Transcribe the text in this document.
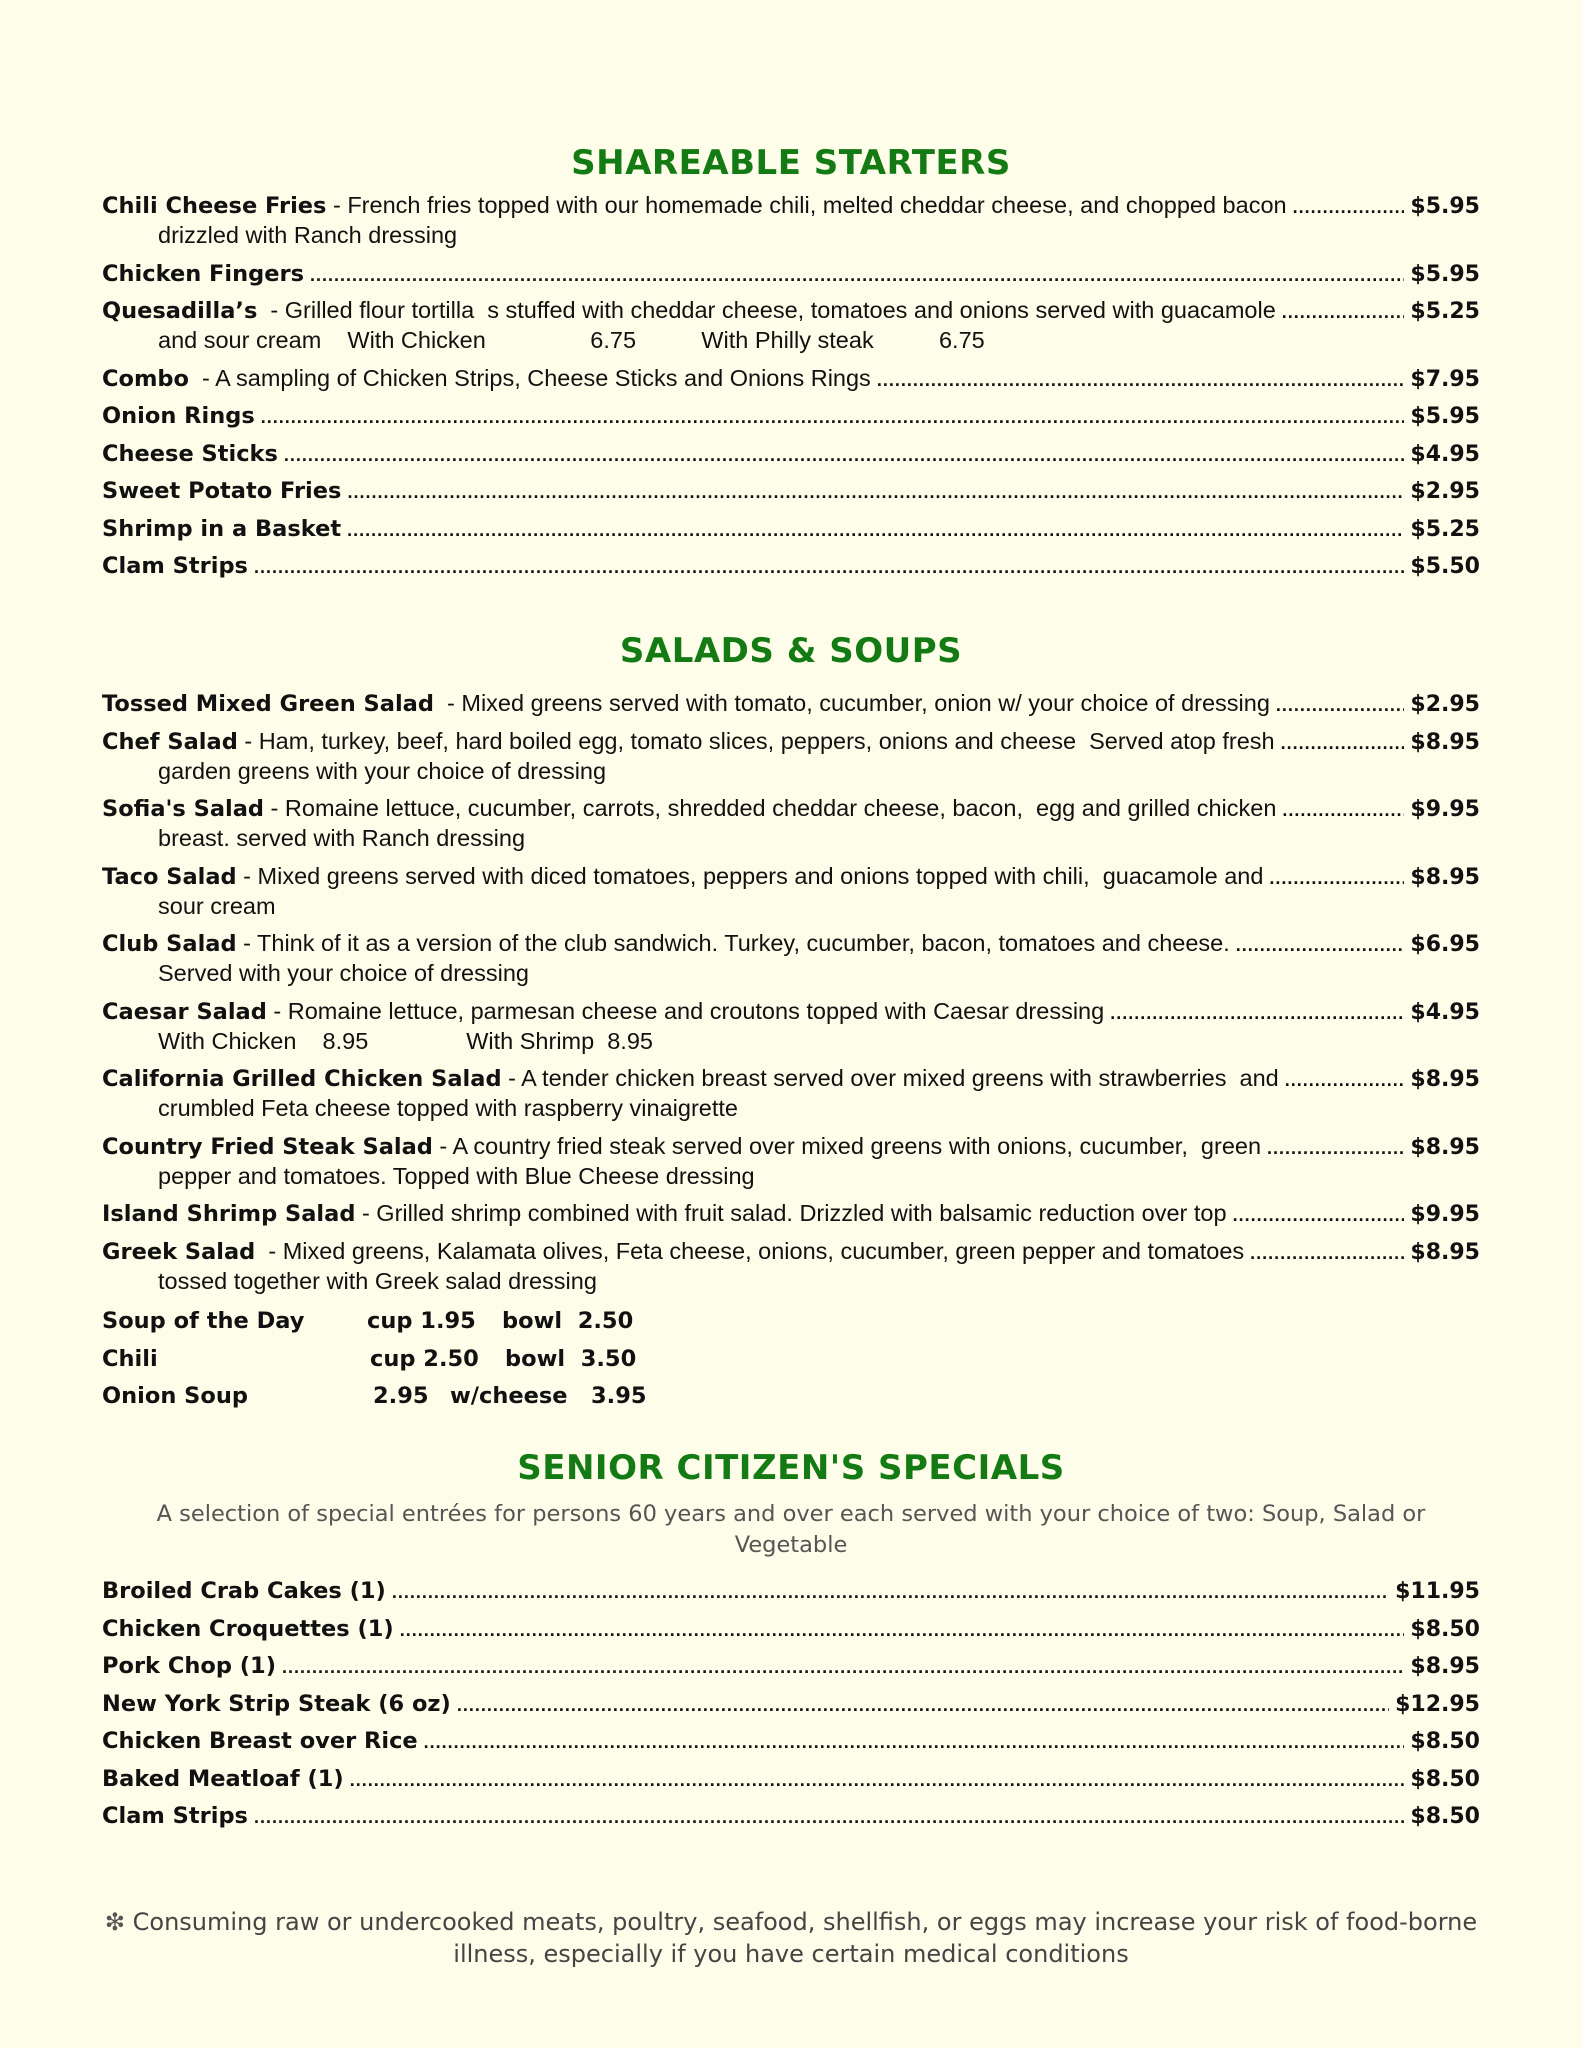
SHAREABLE STARTERS
Chili Cheese Fries - French fries topped with our homemade chili, melted cheddar cheese, and chopped bacon .....	$5.95
drizzled with Ranch dressing
Chicken Fingers .....	$5.95
Quesadilla’s - Grilled flour tortilla  s stuffed with cheddar cheese, tomatoes and onions served with guacamole .....	$5.25
and sour cream    With Chicken                6.75          With Philly steak          6.75
Combo - A sampling of Chicken Strips, Cheese Sticks and Onions Rings .....	$7.95
Onion Rings .....	$5.95
Cheese Sticks .....	$4.95
Sweet Potato Fries .....	$2.95
Shrimp in a Basket .....	$5.25
Clam Strips .....	$5.50
SALADS & SOUPS
Tossed Mixed Green Salad - Mixed greens served with tomato, cucumber, onion w/ your choice of dressing .....	$2.95
Chef Salad - Ham, turkey, beef, hard boiled egg, tomato slices, peppers, onions and cheese  Served atop fresh .....	$8.95
garden greens with your choice of dressing
Sofia's Salad - Romaine lettuce, cucumber, carrots, shredded cheddar cheese, bacon,  egg and grilled chicken .....	$9.95
breast. served with Ranch dressing
Taco Salad - Mixed greens served with diced tomatoes, peppers and onions topped with chili,  guacamole and .....	$8.95
sour cream
Club Salad - Think of it as a version of the club sandwich. Turkey, cucumber, bacon, tomatoes and cheese. .....	$6.95
Served with your choice of dressing
Caesar Salad - Romaine lettuce, parmesan cheese and croutons topped with Caesar dressing .....	$4.95
With Chicken    8.95               With Shrimp  8.95
California Grilled Chicken Salad - A tender chicken breast served over mixed greens with strawberries  and .....	$8.95
crumbled Feta cheese topped with raspberry vinaigrette
Country Fried Steak Salad - A country fried steak served over mixed greens with onions, cucumber,  green .....	$8.95
pepper and tomatoes. Topped with Blue Cheese dressing
Island Shrimp Salad - Grilled shrimp combined with fruit salad. Drizzled with balsamic reduction over top .....	$9.95
Greek Salad - Mixed greens, Kalamata olives, Feta cheese, onions, cucumber, green pepper and tomatoes .....	$8.95
tossed together with Greek salad dressing
Soup of the Day	cup 1.95	bowl  2.50
Chili	cup 2.50	bowl  3.50
Onion Soup	2.95 w/cheese   3.95
SENIOR CITIZEN'S SPECIALS
A selection of special entrées for persons 60 years and over each served with your choice of two: Soup, Salad or Vegetable
Broiled Crab Cakes (1) .....	$11.95
Chicken Croquettes (1) .....	$8.50
Pork Chop (1) .....	$8.95
New York Strip Steak (6 oz) .....	$12.95
Chicken Breast over Rice .....	$8.50
Baked Meatloaf (1) .....	$8.50
Clam Strips .....	$8.50
❇ Consuming raw or undercooked meats, poultry, seafood, shellfish, or eggs may increase your risk of food-borne illness, especially if you have certain medical conditions
